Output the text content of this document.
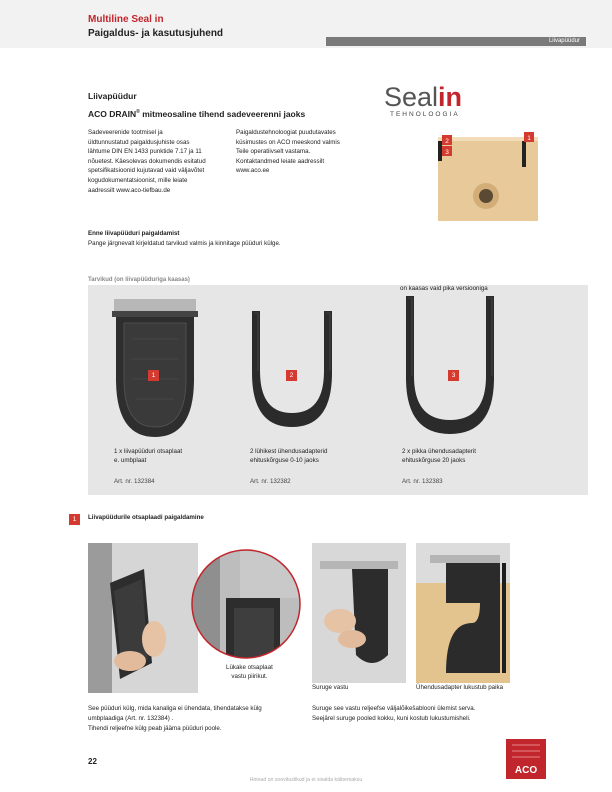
Multiline Seal in
Paigaldus- ja kasutusjuhend
Liivapüüdur
Liivapüüdur
ACO DRAIN® mitmeosaline tihend sadeveerenni jaoks
Sadeveerenide tootmisel ja
üldtunnustatud paigaldusjuhiste osas
lähtume DIN EN 1433 punktide 7.17 ja 11
nõuetest. Käesolevas dokumendis esitatud
spetsifikatsioonid kujutavad vaid väljavõtet
kogudokumentatsioonist, mille leiate
aadressilt www.aco-tiefbau.de
Paigaldustehnoloogiat puudutavates
küsimustes on ACO meeskond valmis
Teile operatiivselt vastama.
Kontaktandmed leiate aadressilt
www.aco.ee
Sealin
TEHNOLOOGIA
2
3
1
Enne liivapüüduri paigaldamist
Pange järgnevalt kirjeldatud tarvikud valmis ja kinnitage püüduri külge.
Tarvikud (on liivapüüduriga kaasas)
on kaasas vaid pika versiooniga
1
1 x liivapüüduri otsaplaat
e. umbplaat
Art. nr. 132384
2
2 lühikest ühendusadapterid
ehituskõrguse 0-10 jaoks
Art. nr. 132382
3
2 x pikka ühendusadapterit
ehituskõrguse 20 jaoks
Art. nr. 132383
1	Liivapüüdurile otsaplaadi paigaldamine
Lükake otsaplaat
vastu piirikut.
Suruge vastu	Ühendusadapter lukustub paika
See püüduri külg, mida kanaliga ei ühendata, tihendatakse külg
umbplaadiga (Art. nr. 132384) .
Tihendi reljeefne külg peab jääma püüduri poole.
Suruge see vastu reljeefse väljalõikešablooni ülemist serva.
Seejärel suruge pooled kokku, kuni kostub lukustumisheli.
22
Hinnad on soovituslikud ja ei sisalda käibemaksu
ACO
